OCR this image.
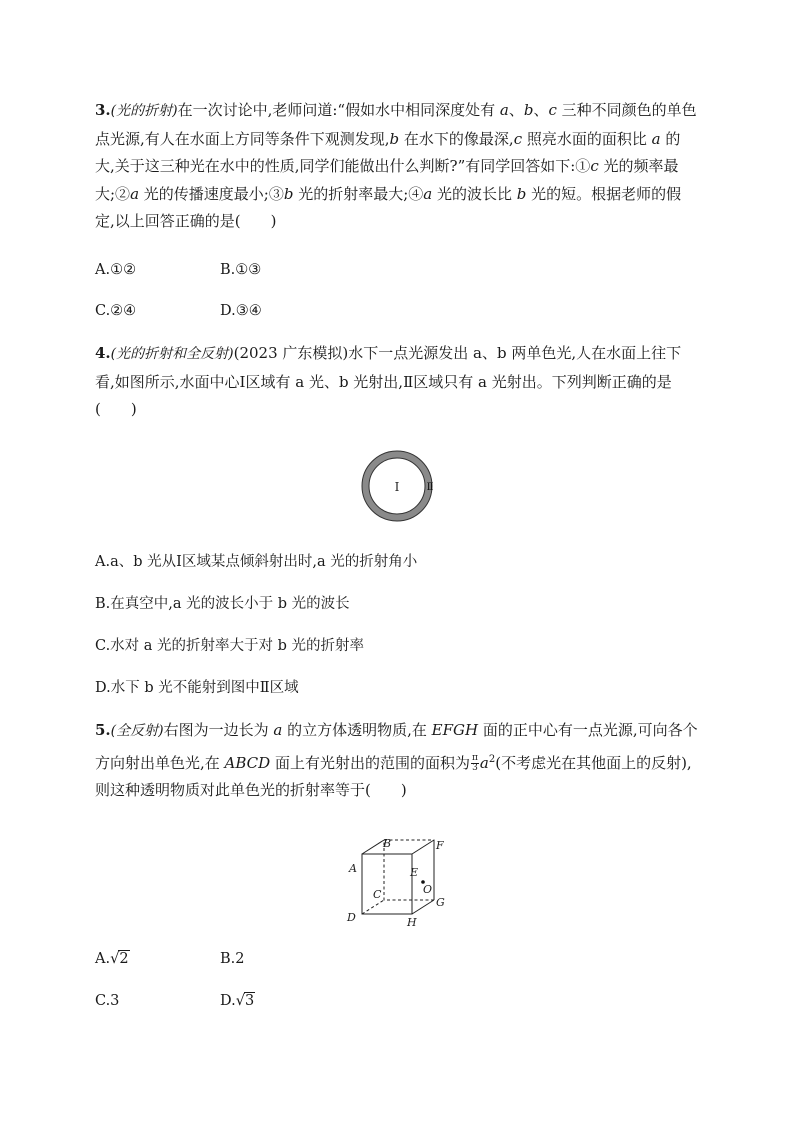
3.(光的折射)在一次讨论中,老师问道:“假如水中相同深度处有 a、b、c 三种不同颜色的单色点光源,有人在水面上方同等条件下观测发现,b 在水下的像最深,c 照亮水面的面积比 a 的大,关于这三种光在水中的性质,同学们能做出什么判断?”有同学回答如下:①c 光的频率最大;②a 光的传播速度最小;③b 光的折射率最大;④a 光的波长比 b 光的短。根据老师的假定,以上回答正确的是(　　)
A.①②	B.①③
C.②④	D.③④
4.(光的折射和全反射)(2023 广东模拟)水下一点光源发出 a、b 两单色光,人在水面上往下看,如图所示,水面中心Ⅰ区域有 a 光、b 光射出,Ⅱ区域只有 a 光射出。下列判断正确的是(　　)
Ⅰ	Ⅱ
A.a、b 光从Ⅰ区域某点倾斜射出时,a 光的折射角小
B.在真空中,a 光的波长小于 b 光的波长
C.水对 a 光的折射率大于对 b 光的折射率
D.水下 b 光不能射到图中Ⅱ区域
5.(全反射)右图为一边长为 a 的立方体透明物质,在 EFGH 面的正中心有一点光源,可向各个方向射出单色光,在 ABCD 面上有光射出的范围的面积为 $\frac{\pi}{3} a^2$(不考虑光在其他面上的反射),则这种透明物质对此单色光的折射率等于(　　)
A
B	F
E
O
C
G
D	H
A.√2	B.2
C.3	D.√3
